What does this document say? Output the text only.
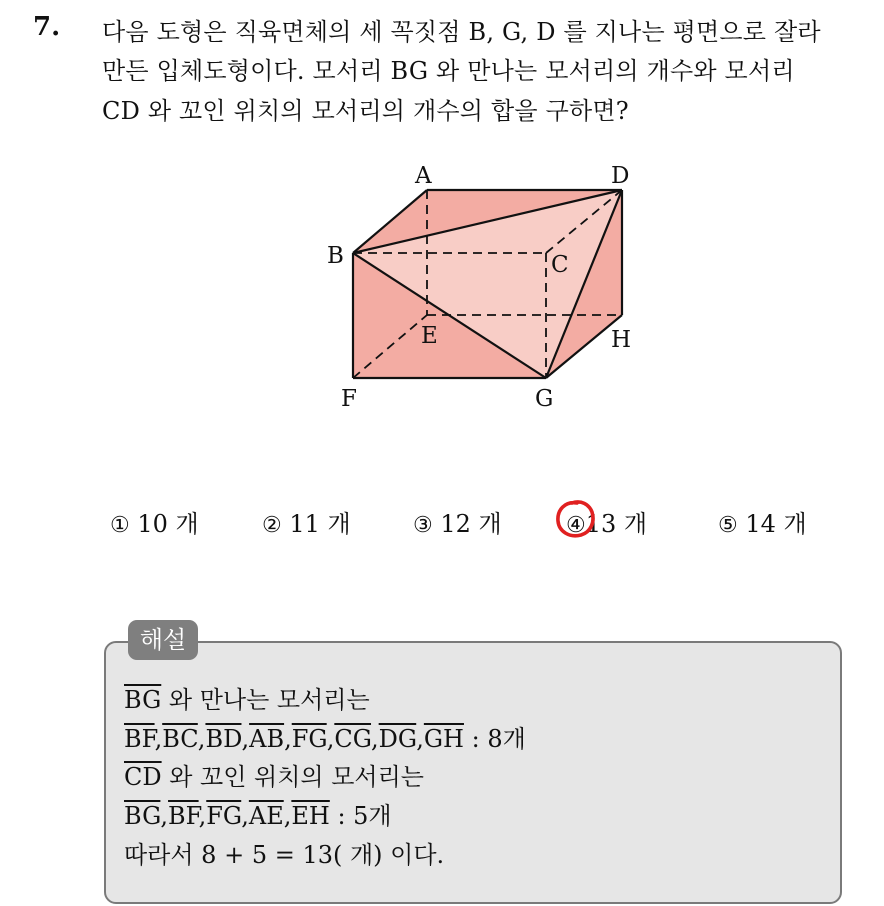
7. 다음 도형은 직육면체의 세 꼭짓점 B, G, D 를 지나는 평면으로 잘라
만든 입체도형이다. 모서리 BG 와 만나는 모서리의 개수와 모서리
CD 와 꼬인 위치의 모서리의 개수의 합을 구하면?
A	D
B	C
E	H
F	G
① 10 개	② 11 개	③ 12 개	④13 개	⑤ 14 개
해설
$\overline{BG}$ 와 만나는 모서리는
$\overline{BF},\overline{BC},\overline{BD},\overline{AB},\overline{FG},\overline{CG},\overline{DG},\overline{GH}$ : 8개
$\overline{CD}$ 와 꼬인 위치의 모서리는
$\overline{BG},\overline{BF},\overline{FG},\overline{AE},\overline{EH}$ : 5개
따라서 8 + 5 = 13( 개) 이다.
